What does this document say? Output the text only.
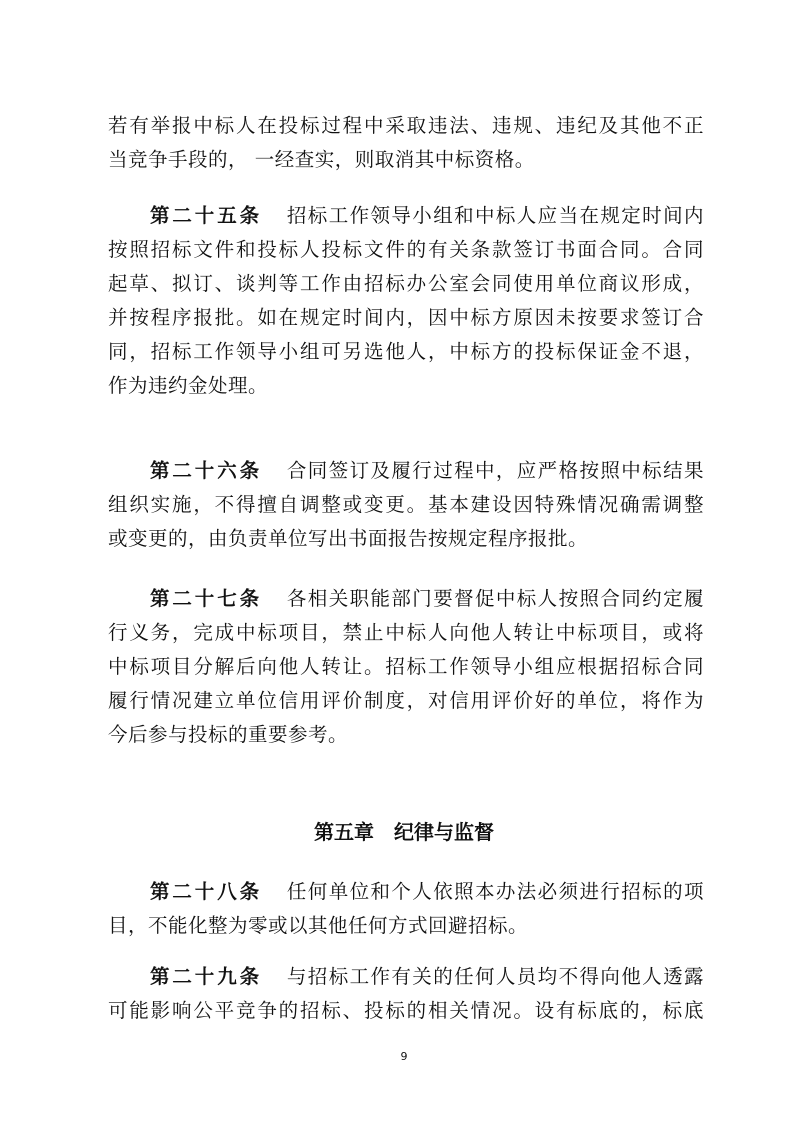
若有举报中标人在投标过程中采取违法、违规、违纪及其他不正
当竞争手段的， 一经查实，则取消其中标资格。
第二十五条 招标工作领导小组和中标人应当在规定时间内
按照招标文件和投标人投标文件的有关条款签订书面合同。合同
起草、拟订、谈判等工作由招标办公室会同使用单位商议形成，
并按程序报批。如在规定时间内，因中标方原因未按要求签订合
同，招标工作领导小组可另选他人，中标方的投标保证金不退，
作为违约金处理。
第二十六条 合同签订及履行过程中，应严格按照中标结果
组织实施，不得擅自调整或变更。基本建设因特殊情况确需调整
或变更的，由负责单位写出书面报告按规定程序报批。
第二十七条 各相关职能部门要督促中标人按照合同约定履
行义务，完成中标项目，禁止中标人向他人转让中标项目，或将
中标项目分解后向他人转让。招标工作领导小组应根据招标合同
履行情况建立单位信用评价制度，对信用评价好的单位，将作为
今后参与投标的重要参考。
第五章　纪律与监督
第二十八条 任何单位和个人依照本办法必须进行招标的项
目，不能化整为零或以其他任何方式回避招标。
第二十九条 与招标工作有关的任何人员均不得向他人透露
可能影响公平竞争的招标、投标的相关情况。设有标底的，标底
9
